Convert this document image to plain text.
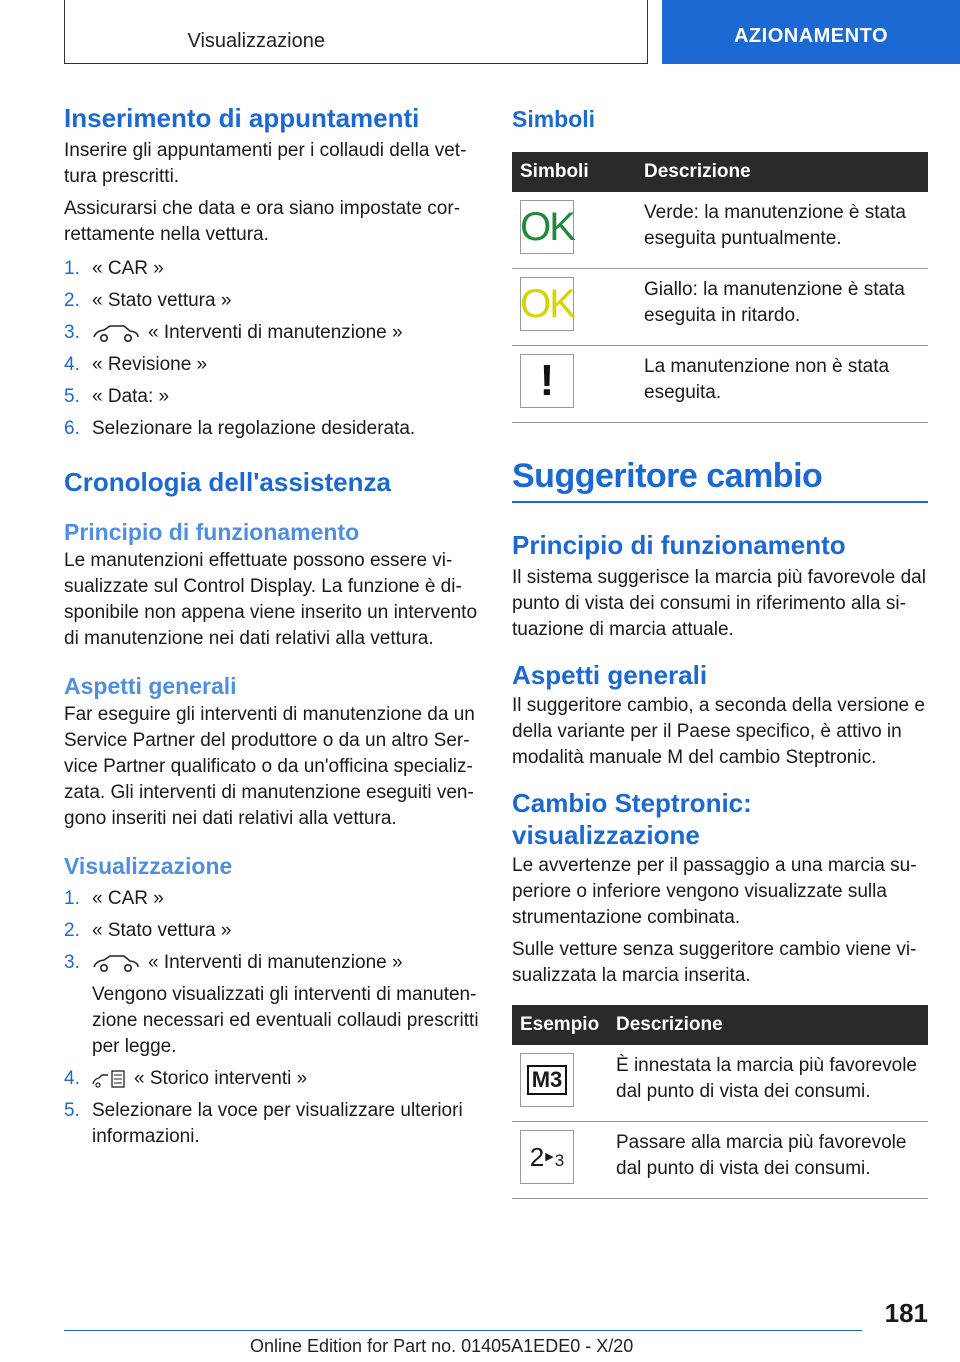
Visualizzazione	AZIONAMENTO
Inserimento di appuntamenti

Inserire gli appuntamenti per i collaudi della vettura prescritti.

Assicurarsi che data e ora siano impostate correttamente nella vettura.

1. « CAR »
2. « Stato vettura »
3.	« Interventi di manutenzione »
4. « Revisione »
5. « Data: »
6. Selezionare la regolazione desiderata.
Cronologia dell'assistenza
Principio di funzionamento

Le manutenzioni effettuate possono essere visualizzate sul Control Display. La funzione è disponibile non appena viene inserito un intervento di manutenzione nei dati relativi alla vettura.

Aspetti generali

Far eseguire gli interventi di manutenzione da un Service Partner del produttore o da un altro Service Partner qualificato o da un'officina specializzata. Gli interventi di manutenzione eseguiti vengono inseriti nei dati relativi alla vettura.

Visualizzazione
1. « CAR »
2. « Stato vettura »
3.	« Interventi di manutenzione »
Vengono visualizzati gli interventi di manutenzione necessari ed eventuali collaudi prescritti per legge.
4.	« Storico interventi »
5. Selezionare la voce per visualizzare ulteriori informazioni.
Simboli
Simboli	Descrizione

OK	Verde: la manutenzione è stata eseguita puntualmente.

OK	Giallo: la manutenzione è stata eseguita in ritardo.

!	La manutenzione non è stata eseguita.
Suggeritore cambio
Principio di funzionamento

Il sistema suggerisce la marcia più favorevole dal punto di vista dei consumi in riferimento alla situazione di marcia attuale.

Aspetti generali

Il suggeritore cambio, a seconda della versione e della variante per il Paese specifico, è attivo in modalità manuale M del cambio Steptronic.

Cambio Steptronic: visualizzazione

Le avvertenze per il passaggio a una marcia superiore o inferiore vengono visualizzate sulla strumentazione combinata.

Sulle vetture senza suggeritore cambio viene visualizzata la marcia inserita.

Esempio	Descrizione

M3	È innestata la marcia più favorevole dal punto di vista dei consumi.

2 ▶ 3	Passare alla marcia più favorevole dal punto di vista dei consumi.
181
Online Edition for Part no. 01405A1EDE0 - X/20
